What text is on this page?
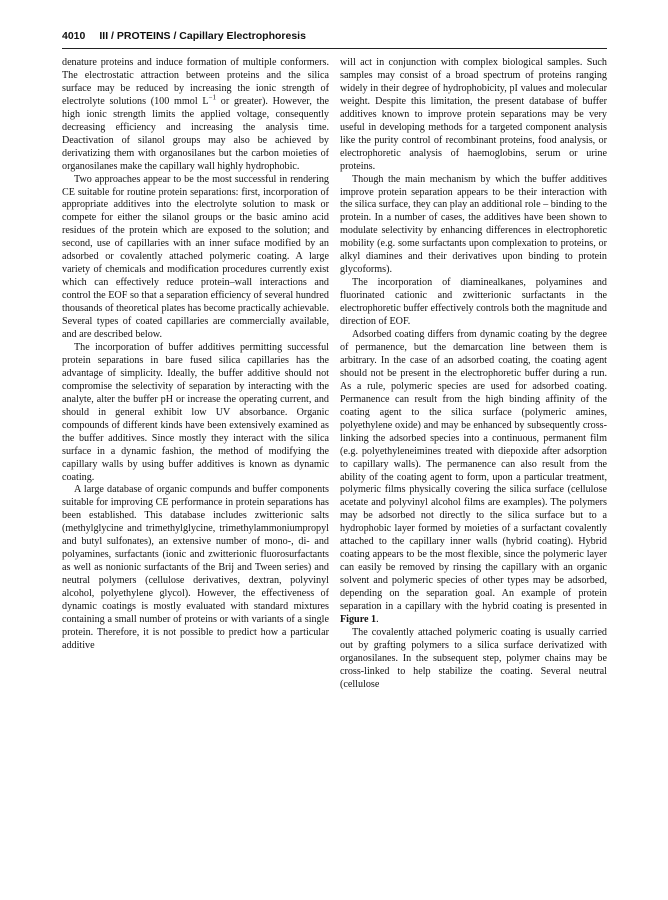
4010 III / PROTEINS / Capillary Electrophoresis

denature proteins and induce formation of multiple conformers. The electrostatic attraction between proteins and the silica surface may be reduced by increasing the ionic strength of electrolyte solutions (100 mmol $L^{-1}$ or greater). However, the high ionic strength limits the applied voltage, consequently decreasing efficiency and increasing the analysis time. Deactivation of silanol groups may also be achieved by derivatizing them with organosilanes but the carbon moieties of organosilanes make the capillary wall highly hydrophobic.

Two approaches appear to be the most successful in rendering CE suitable for routine protein separations: first, incorporation of appropriate additives into the electrolyte solution to mask or compete for either the silanol groups or the basic amino acid residues of the protein which are exposed to the solution; and second, use of capillaries with an inner suface modified by an adsorbed or covalently attached polymeric coating. A large variety of chemicals and modification procedures currently exist which can effectively reduce protein–wall interactions and control the EOF so that a separation efficiency of several hundred thousands of theoretical plates has become practically achievable. Several types of coated capillaries are commercially available, and are described below.

The incorporation of buffer additives permitting successful protein separations in bare fused silica capillaries has the advantage of simplicity. Ideally, the buffer additive should not compromise the selectivity of separation by interacting with the analyte, alter the buffer pH or increase the operating current, and should in general exhibit low UV absorbance. Organic compounds of different kinds have been extensively examined as the buffer additives. Since mostly they interact with the silica surface in a dynamic fashion, the method of modifying the capillary walls by using buffer additives is known as dynamic coating.

A large database of organic compunds and buffer components suitable for improving CE performance in protein separations has been established. This database includes zwitterionic salts (methylglycine and trimethylglycine, trimethylammoniumpropyl and butyl sulfonates), an extensive number of mono-, di- and polyamines, surfactants (ionic and zwitterionic fluorosurfactants as well as nonionic surfactants of the Brij and Tween series) and neutral polymers (cellulose derivatives, dextran, polyvinyl alcohol, polyethylene glycol). However, the effectiveness of dynamic coatings is mostly evaluated with standard mixtures containing a small number of proteins or with variants of a single protein. Therefore, it is not possible to predict how a particular additive

will act in conjunction with complex biological samples. Such samples may consist of a broad spectrum of proteins ranging widely in their degree of hydrophobicity, pI values and molecular weight. Despite this limitation, the present database of buffer additives known to improve protein separations may be very useful in developing methods for a targeted component analysis like the purity control of recombinant proteins, food analysis, or electrophoretic analysis of haemoglobins, serum or urine proteins.

Though the main mechanism by which the buffer additives improve protein separation appears to be their interaction with the silica surface, they can play an additional role – binding to the protein. In a number of cases, the additives have been shown to modulate selectivity by enhancing differences in electrophoretic mobility (e.g. some surfactants upon complexation to proteins, or alkyl diamines and their derivatives upon binding to protein glycoforms).

The incorporation of diaminealkanes, polyamines and fluorinated cationic and zwitterionic surfactants in the electrophoretic buffer effectively controls both the magnitude and direction of EOF.

Adsorbed coating differs from dynamic coating by the degree of permanence, but the demarcation line between them is arbitrary. In the case of an adsorbed coating, the coating agent should not be present in the electrophoretic buffer during a run. As a rule, polymeric species are used for adsorbed coating. Permanence can result from the high binding affinity of the coating agent to the silica surface (polymeric amines, polyethylene oxide) and may be enhanced by subsequently cross-linking the adsorbed species into a continuous, permanent film (e.g. polyethyleneimines treated with diepoxide after adsorption to capillary walls). The permanence can also result from the ability of the coating agent to form, upon a particular treatment, polymeric films physically covering the silica surface (cellulose acetate and polyvinyl alcohol films are examples). The polymers may be adsorbed not directly to the silica surface but to a hydrophobic layer formed by moieties of a surfactant covalently attached to the capillary inner walls (hybrid coating). Hybrid coating appears to be the most flexible, since the polymeric layer can easily be removed by rinsing the capillary with an organic solvent and polymeric species of other types may be adsorbed, depending on the separation goal. An example of protein separation in a capillary with the hybrid coating is presented in Figure 1.

The covalently attached polymeric coating is usually carried out by grafting polymers to a silica surface derivatized with organosilanes. In the subsequent step, polymer chains may be cross-linked to help stabilize the coating. Several neutral (cellulose
